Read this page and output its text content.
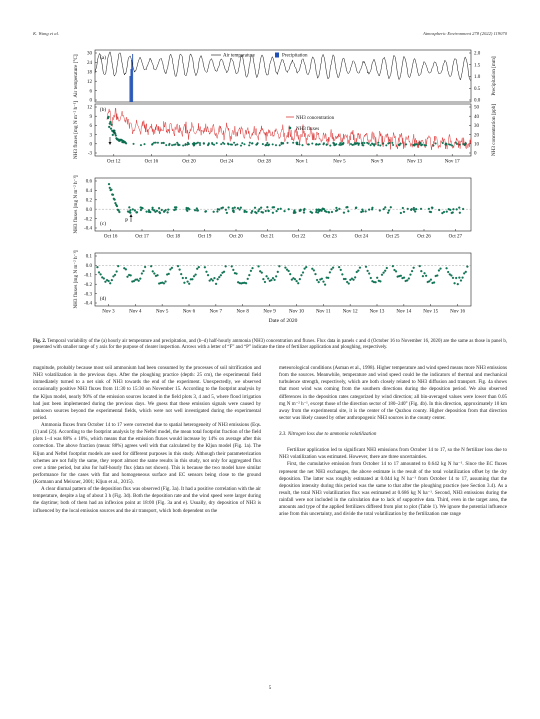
K. Wang et al.	Atmospheric Environment 278 (2022) 119070
30
24
18
12
6
0
2.0
1.5
1.0
0.5
0.0
Air temperature [°C]	Precipitation [mm]
(a)	Air temperature	Precipitation
12
9
6
3
0
-3
50
40
30
20
10
0
NH3 fluxes [mg N m⁻² h⁻¹]	NH3 concentration [ppb]
(b)
NH3 concentration
NH3 fluxes
F
Oct 12	Oct 16	Oct 20	Oct 24	Oct 28	Nov 1	Nov 5	Nov 9	Nov 13	Nov 17
0.6
0.4
0.2
0.0
-0.2
-0.4
NH3 fluxes [mg N m⁻² h⁻¹]	(c)	P
Oct 16	Oct 17	Oct 18	Oct 19	Oct 20	Oct 21	Oct 22	Oct 23	Oct 24	Oct 25	Oct 26	Oct 27
0.1
0.0
-0.1
-0.2
-0.3
-0.4
NH3 fluxes [mg N m⁻² h⁻¹]	(d)
Nov 3	Nov 4	Nov 5	Nov 6	Nov 7	Nov 8	Nov 9	Nov 10 Nov 11 Nov 12 Nov 13 Nov 14 Nov 15 Nov 16
Date of 2020
Fig. 2. Temporal variability of the (a) hourly air temperature and precipitation, and (b–d) half-hourly ammonia (NH3) concentration and fluxes. Flux data in panels c and d (October 16 to November 16, 2020) are the same as those in panel b, presented with smaller range of y axis for the purpose of clearer inspection. Arrows with a letter of “F” and “P” indicate the time of fertilizer application and ploughing, respectively.

magnitude, probably because most soil ammonium had been consumed by the processes of soil nitrification and NH3 volatilization in the previous days. After the ploughing practice (depth: 25 cm), the experimental field immediately turned to a net sink of NH3 towards the end of the experiment. Unexpectedly, we observed occasionally positive NH3 fluxes from 11:30 to 15:30 on November 15. According to the footprint analysis by the Kljun model, nearly 90% of the emission sources located in the field plots 3, 4 and 5, where flood irrigation had just been implemented during the previous days. We guess that these emission signals were caused by unknown sources beyond the experimental fields, which were not well investigated during the experimental period.

Ammonia fluxes from October 14 to 17 were corrected due to spatial heterogeneity of NH3 emissions (Eqs. (1) and (2)). According to the footprint analysis by the Neftel model, the mean total footprint fraction of the field plots 1–4 was 88% ± 10%, which means that the emission fluxes would increase by 14% on average after this correction. The above fraction (mean: 88%) agrees well with that calculated by the Kljun model (Fig. 1a). The Kljun and Neftel footprint models are used for different purposes in this study. Although their parameterization schemes are not fully the same, they report almost the same results in this study, not only for aggregated flux over a time period, but also for half-hourly flux (data not shown). This is because the two model have similar performance for the cases with flat and homogeneous surface and EC sensors being close to the ground (Kormann and Meixner, 2001; Kljun et al., 2015).

A clear diurnal pattern of the deposition flux was observed (Fig. 3a). It had a positive correlation with the air temperature, despite a lag of about 3 h (Fig. 3d). Both the deposition rate and the wind speed were larger during the daytime; both of them had an inflexion point at 18:00 (Fig. 3a and e). Usually, dry deposition of NH3 is influenced by the local emission sources and the air transport, which both dependent on the

meteorological conditions (Asman et al., 1998). Higher temperature and wind speed means more NH3 emissions from the sources. Meanwhile, temperature and wind speed could be the indicators of thermal and mechanical turbulence strength, respectively, which are both closely related to NH3 diffusion and transport. Fig. 4a shows that most wind was coming from the southern directions during the deposition period. We also observed differences in the deposition rates categorized by wind direction; all bin-averaged values were lower than 0.05 mg N m⁻² h⁻¹, except those of the direction sector of 180–240° (Fig. 4b). In this direction, approximately 10 km away from the experimental site, it is the center of the Quzhou county. Higher deposition from that direction sector was likely caused by other anthropogenic NH3 sources in the county center.

3.3. Nitrogen loss due to ammonia volatilization

Fertilizer application led to significant NH3 emissions from October 14 to 17, so the N fertilizer loss due to NH3 volatilization was estimated. However, there are three uncertainties.

First, the cumulative emission from October 14 to 17 amounted to 0.642 kg N ha⁻¹. Since the EC fluxes represent the net NH3 exchanges, the above estimate is the result of the total volatilization offset by the dry deposition. The latter was roughly estimated at 0.044 kg N ha⁻¹ from October 14 to 17, assuming that the deposition intensity during this period was the same to that after the ploughing practice (see Section 3.4). As a result, the total NH3 volatilization flux was estimated at 0.686 kg N ha⁻¹. Second, NH3 emissions during the rainfall were not included in the calculation due to lack of supportive data. Third, even in the target area, the amounts and type of the applied fertilizers differed from plot to plot (Table 1). We ignore the potential influence arise from this uncertainty, and divide the total volatilization by the fertilization rate range

5
